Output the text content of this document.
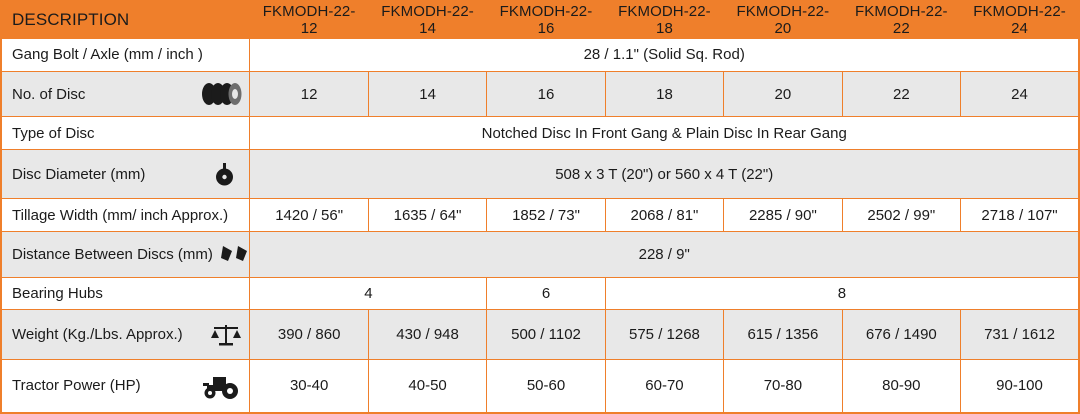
DESCRIPTION	FKMODH-22-12	FKMODH-22-14	FKMODH-22-16	FKMODH-22-18	FKMODH-22-20	FKMODH-22-22	FKMODH-22-24

Gang Bolt / Axle (mm / inch )	28 / 1.1" (Solid Sq. Rod)						

No. of Disc	12	14	16	18	20	22	24

Type of Disc	Notched Disc In Front Gang & Plain Disc In Rear Gang						

Disc Diameter (mm)	508 x 3 T (20") or 560 x 4 T (22")						

Tillage Width (mm/ inch Approx.)	1420 / 56"	1635 / 64"	1852 / 73"	2068 / 81"	2285 / 90"	2502 / 99"	2718 / 107"

Distance Between Discs (mm)	228 / 9"						

Bearing Hubs	4		6	8			

Weight (Kg./Lbs. Approx.)	390 / 860	430 / 948	500 / 1102	575 / 1268	615 / 1356	676 / 1490	731 / 1612

Tractor Power (HP)	30-40	40-50	50-60	60-70	70-80	80-90	90-100
